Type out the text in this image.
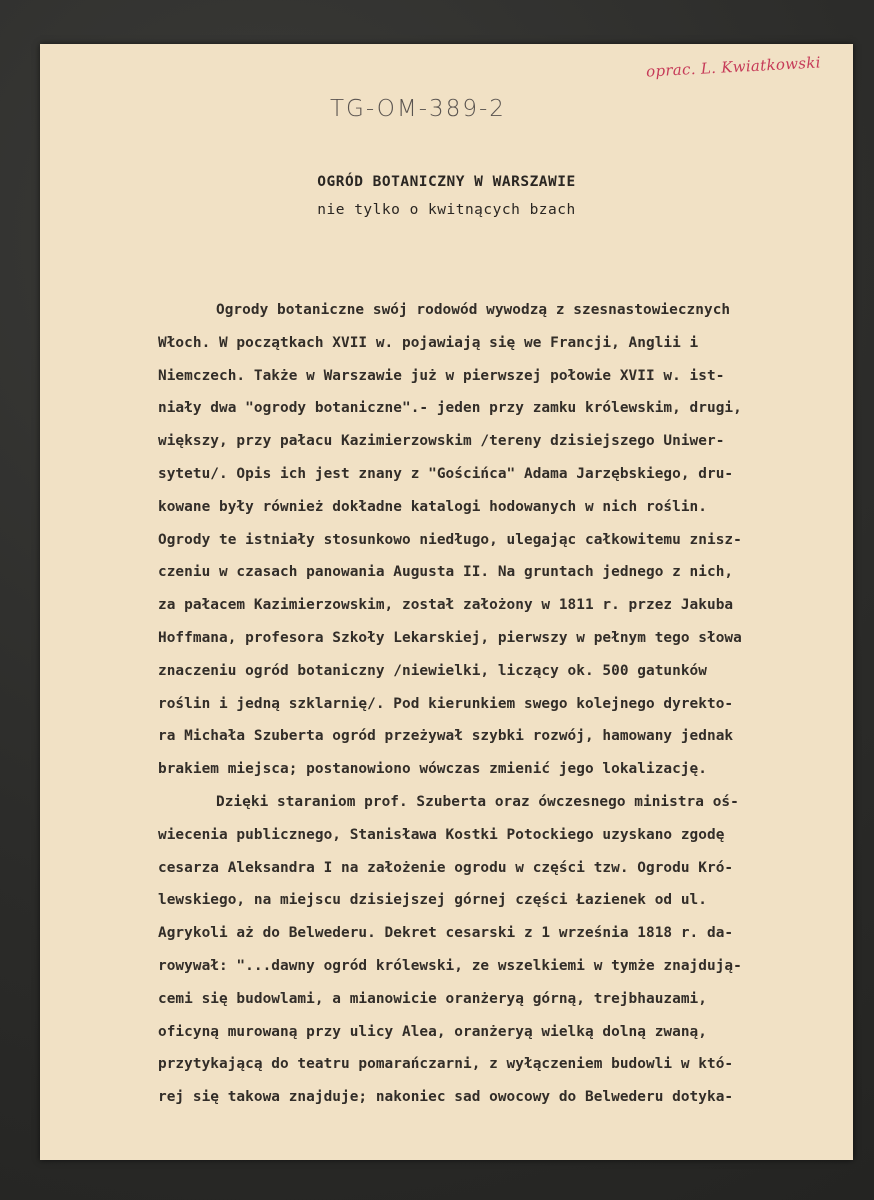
oprac. L. Kwiatkowski
TG-OM-389-2
OGRÓD BOTANICZNY W WARSZAWIE
nie tylko o kwitnących bzach
Ogrody botaniczne swój rodowód wywodzą z szesnastowiecznych
Włoch. W początkach XVII w. pojawiają się we Francji, Anglii i
Niemczech. Także w Warszawie już w pierwszej połowie XVII w. ist-
niały dwa "ogrody botaniczne".- jeden przy zamku królewskim, drugi,
większy, przy pałacu Kazimierzowskim /tereny dzisiejszego Uniwer-
sytetu/. Opis ich jest znany z "Gościńca" Adama Jarzębskiego, dru-
kowane były również dokładne katalogi hodowanych w nich roślin.
Ogrody te istniały stosunkowo niedługo, ulegając całkowitemu znisz-
czeniu w czasach panowania Augusta II. Na gruntach jednego z nich,
za pałacem Kazimierzowskim, został założony w 1811 r. przez Jakuba
Hoffmana, profesora Szkoły Lekarskiej, pierwszy w pełnym tego słowa
znaczeniu ogród botaniczny /niewielki, liczący ok. 500 gatunków
roślin i jedną szklarnię/. Pod kierunkiem swego kolejnego dyrekto-
ra Michała Szuberta ogród przeżywał szybki rozwój, hamowany jednak
brakiem miejsca; postanowiono wówczas zmienić jego lokalizację.
Dzięki staraniom prof. Szuberta oraz ówczesnego ministra oś-
wiecenia publicznego, Stanisława Kostki Potockiego uzyskano zgodę
cesarza Aleksandra I na założenie ogrodu w części tzw. Ogrodu Kró-
lewskiego, na miejscu dzisiejszej górnej części Łazienek od ul.
Agrykoli aż do Belwederu. Dekret cesarski z 1 września 1818 r. da-
rowywał: "...dawny ogród królewski, ze wszelkiemi w tymże znajdują-
cemi się budowlami, a mianowicie oranżeryą górną, trejbhauzami,
oficyną murowaną przy ulicy Alea, oranżeryą wielką dolną zwaną,
przytykającą do teatru pomarańczarni, z wyłączeniem budowli w któ-
rej się takowa znajduje; nakoniec sad owocowy do Belwederu dotyka-
